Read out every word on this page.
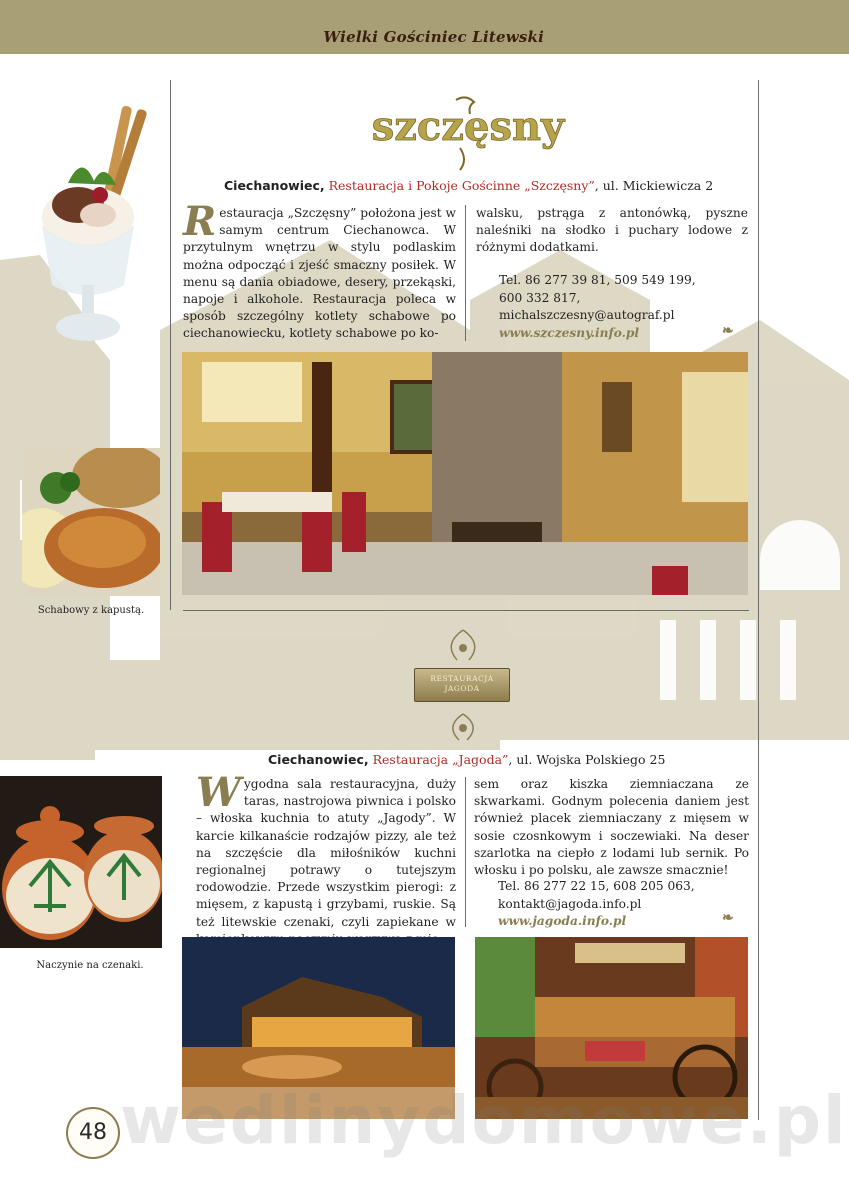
Wielki Gościniec Litewski
Schabowy z kapustą.
Naczynie na czenaki.
szczęsny
Ciechanowiec, Restauracja i Pokoje Gościnne „Szczęsny”, ul. Mickiewicza 2
Restauracja „Szczęsny” położona jest w samym centrum Ciechanowca. W przytulnym wnętrzu w stylu podlaskim można odpocząć i zjeść smaczny posiłek. W menu są dania obiadowe, desery, przekąski, napoje i alkohole. Restauracja poleca w sposób szczególny kotlety schabowe po ciechanowiecku, kotlety schabowe po ko-
walsku, pstrąga z antonówką, pyszne naleśniki na słodko i puchary lodowe z różnymi dodatkami.
Tel. 86 277 39 81, 509 549 199,
600 332 817,
michalszczesny@autograf.pl
www.szczesny.info.pl	❧
RESTAURACJA
JAGODA
Ciechanowiec, Restauracja „Jagoda”, ul. Wojska Polskiego 25
Wygodna sala restauracyjna, duży taras, nastrojowa piwnica i polsko – włoska kuchnia to atuty „Jagody”. W karcie kilkanaście rodzajów pizzy, ale też na szczęście dla miłośników kuchni regionalnej potrawy o tutejszym rodowodzie. Przede wszystkim pierogi: z mięsem, z kapustą i grzybami, ruskie. Są też litewskie czenaki, czyli zapiekane w
sem oraz kiszka ziemniaczana ze skwarkami. Godnym polecenia daniem jest również placek ziemniaczany z mięsem w sosie czosnkowym i soczewiaki. Na deser szarlotka na ciepło z lodami lub sernik. Po włosku i po polsku, ale zawsze smacznie!
Tel. 86 277 22 15, 608 205 063,
kontakt@jagoda.info.pl
www.jagoda.info.pl	❧
wedlinydomowe.pl
48
